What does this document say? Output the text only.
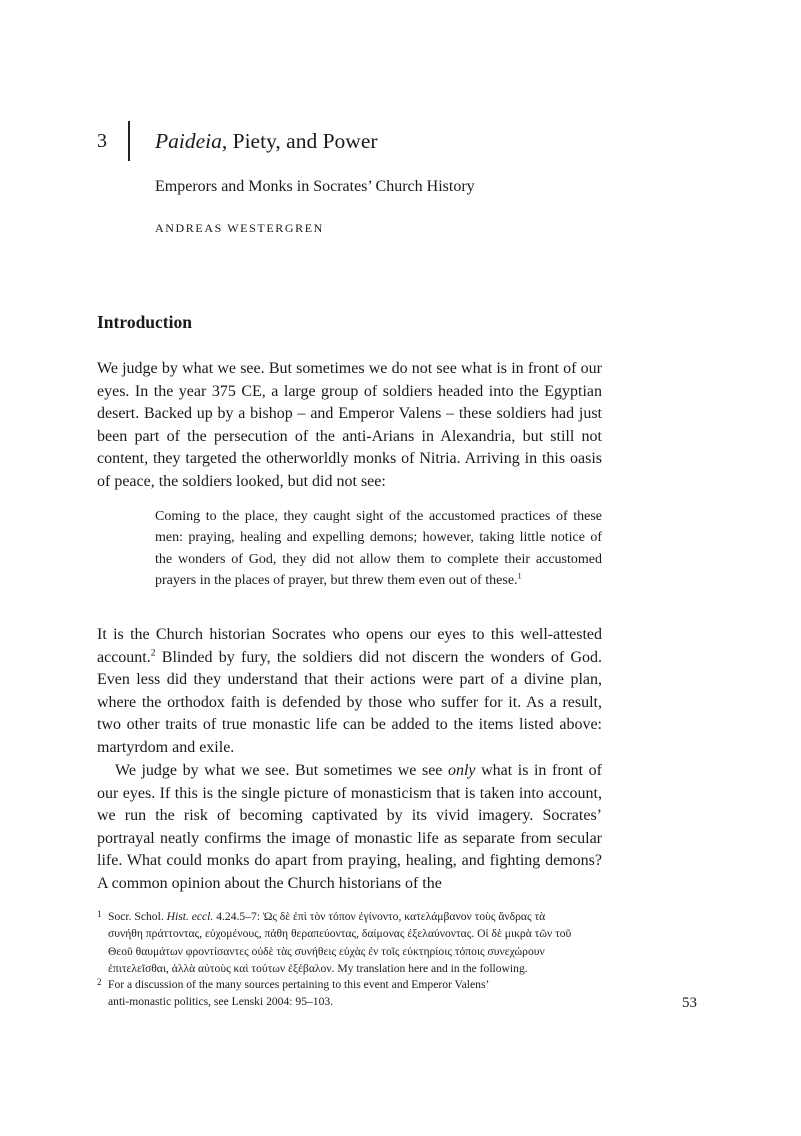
3 Paideia, Piety, and Power
Emperors and Monks in Socrates’ Church History
ANDREAS WESTERGREN
Introduction

We judge by what we see. But sometimes we do not see what is in front of our eyes. In the year 375 CE, a large group of soldiers headed into the Egyptian desert. Backed up by a bishop – and Emperor Valens – these soldiers had just been part of the persecution of the anti-Arians in Alexandria, but still not content, they targeted the otherworldly monks of Nitria. Arriving in this oasis of peace, the soldiers looked, but did not see:

Coming to the place, they caught sight of the accustomed practices of these men: praying, healing and expelling demons; however, taking little notice of the wonders of God, they did not allow them to complete their accustomed prayers in the places of prayer, but threw them even out of these.$^1$

It is the Church historian Socrates who opens our eyes to this well-attested account.$^2$ Blinded by fury, the soldiers did not discern the wonders of God. Even less did they understand that their actions were part of a divine plan, where the orthodox faith is defended by those who suffer for it. As a result, two other traits of true monastic life can be added to the items listed above: martyrdom and exile.

We judge by what we see. But sometimes we see only what is in front of our eyes. If this is the single picture of monasticism that is taken into account, we run the risk of becoming captivated by its vivid imagery. Socrates’ portrayal neatly confirms the image of monastic life as separate from secular life. What could monks do apart from praying, healing, and fighting demons? A common opinion about the Church historians of the

1 Socr. Schol. Hist. eccl. 4.24.5–7: Ὠς δὲ ἐπὶ τὸν τόπον ἐγίνοντο, κατελάμβανον τοὺς ἄνδρας τὰ
συνήθη πράττοντας, εὐχομένους, πάθη θεραπεύοντας, δαίμονας ἐξελαύνοντας. Οἱ δὲ μικρὰ τῶν τοῦ
Θεοῦ θαυμάτων φροντίσαντες οὐδὲ τὰς συνήθεις εὐχὰς ἐν τοῖς εὐκτηρίοις τόποις συνεχώρουν
ἐπιτελεῖσθαι, ἀλλὰ αὐτοὺς καὶ τούτων ἐξέβαλον. My translation here and in the following.
2 For a discussion of the many sources pertaining to this event and Emperor Valens’
anti-monastic politics, see Lenski 2004: 95–103.	53
